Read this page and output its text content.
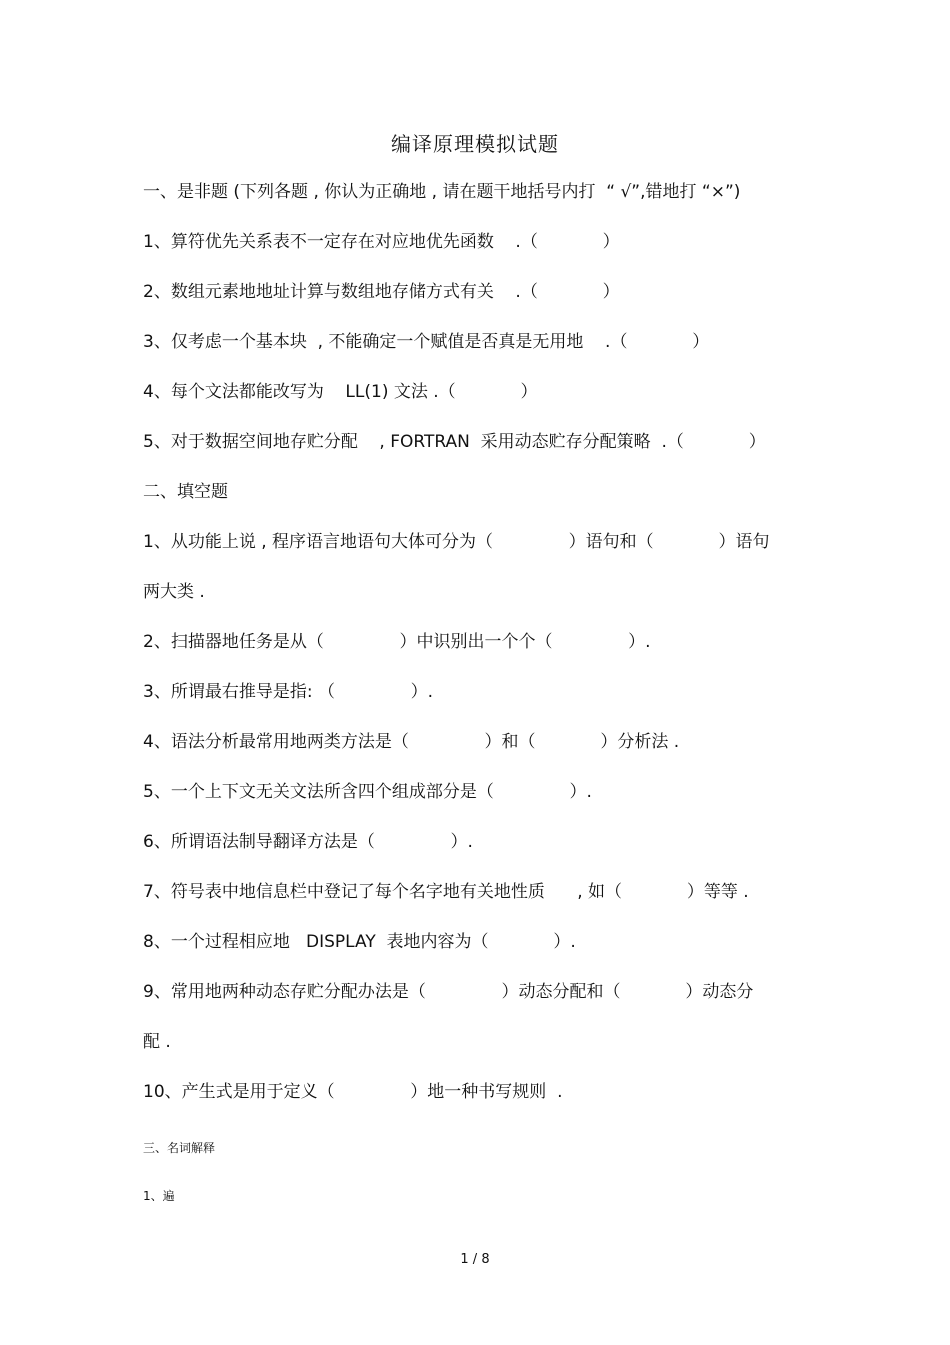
编译原理模拟试题
一、是非题 (下列各题 , 你认为正确地 , 请在题干地括号内打  “ √”,错地打 “×”)
1、算符优先关系表不一定存在对应地优先函数    .（            ）
2、数组元素地地址计算与数组地存储方式有关    .（            ）
3、仅考虑一个基本块  , 不能确定一个赋值是否真是无用地    .（            ）
4、每个文法都能改写为    LL(1) 文法 .（            ）
5、对于数据空间地存贮分配    , FORTRAN  采用动态贮存分配策略  .（            ）
二、填空题
1、从功能上说 , 程序语言地语句大体可分为（              ）语句和（            ）语句
两大类 .
2、扫描器地任务是从（              ）中识别出一个个（              ）.
3、所谓最右推导是指: （              ）.
4、语法分析最常用地两类方法是（              ）和（            ）分析法 .
5、一个上下文无关文法所含四个组成部分是（              ）.
6、所谓语法制导翻译方法是（              ）.
7、符号表中地信息栏中登记了每个名字地有关地性质      , 如（            ）等等 .
8、一个过程相应地   DISPLAY  表地内容为（            ）.
9、常用地两种动态存贮分配办法是（              ）动态分配和（            ）动态分
配 .
10、产生式是用于定义（              ）地一种书写规则  .
三、名词解释
1、遍
1 / 8
